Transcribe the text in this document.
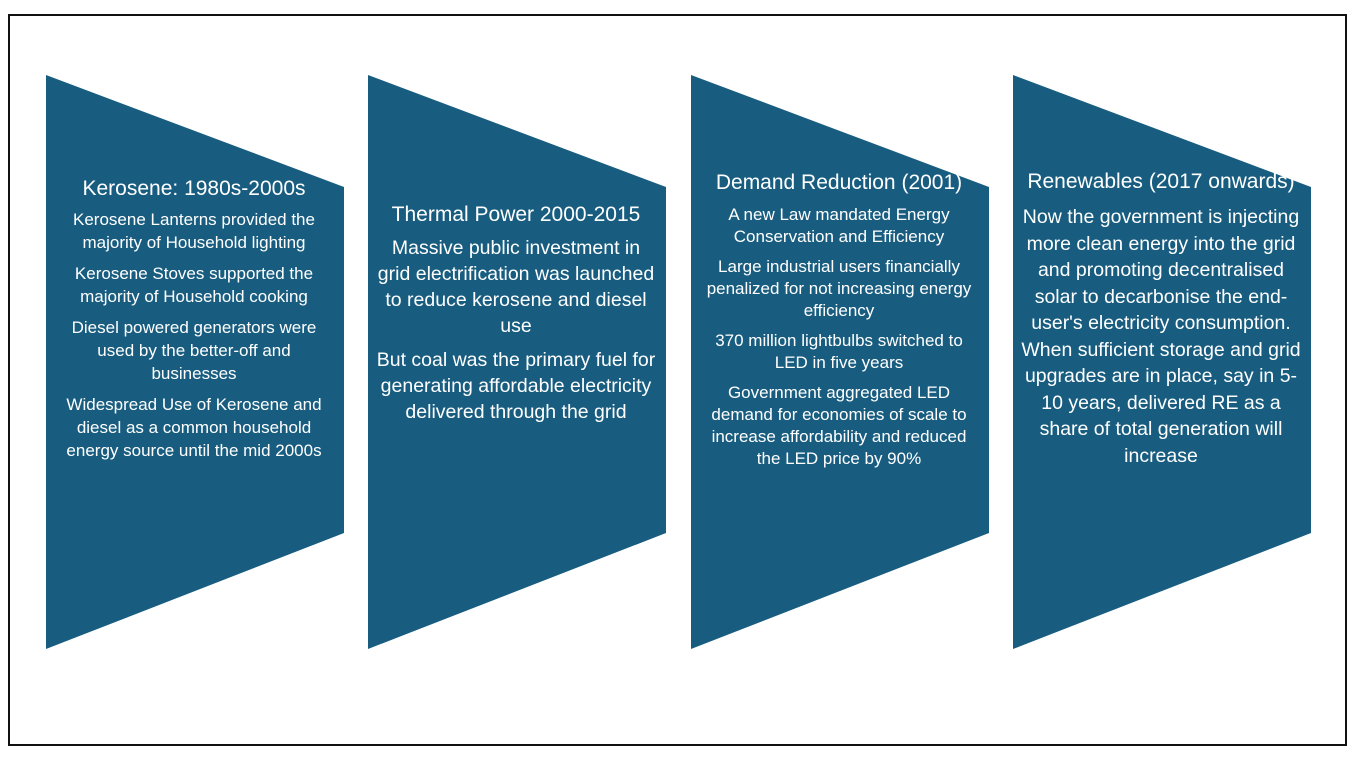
Kerosene: 1980s-2000s

Kerosene Lanterns provided the majority of Household lighting

Kerosene Stoves supported the majority of Household cooking

Diesel powered generators were used by the better-off and businesses

Widespread Use of Kerosene and diesel as a common household energy source until the mid 2000s

Thermal Power 2000-2015

Massive public investment in grid electrification was launched to reduce kerosene and diesel use

But coal was the primary fuel for generating affordable electricity delivered through the grid

Demand Reduction (2001)

A new Law mandated Energy Conservation and Efficiency

Large industrial users financially penalized for not increasing energy efficiency

370 million lightbulbs switched to LED in five years

Government aggregated LED demand for economies of scale to increase affordability and reduced the LED price by 90%

Renewables (2017 onwards)

Now the government is injecting more clean energy into the grid and promoting decentralised solar to decarbonise the end-user's electricity consumption. When sufficient storage and grid upgrades are in place, say in 5-10 years, delivered RE as a share of total generation will increase
